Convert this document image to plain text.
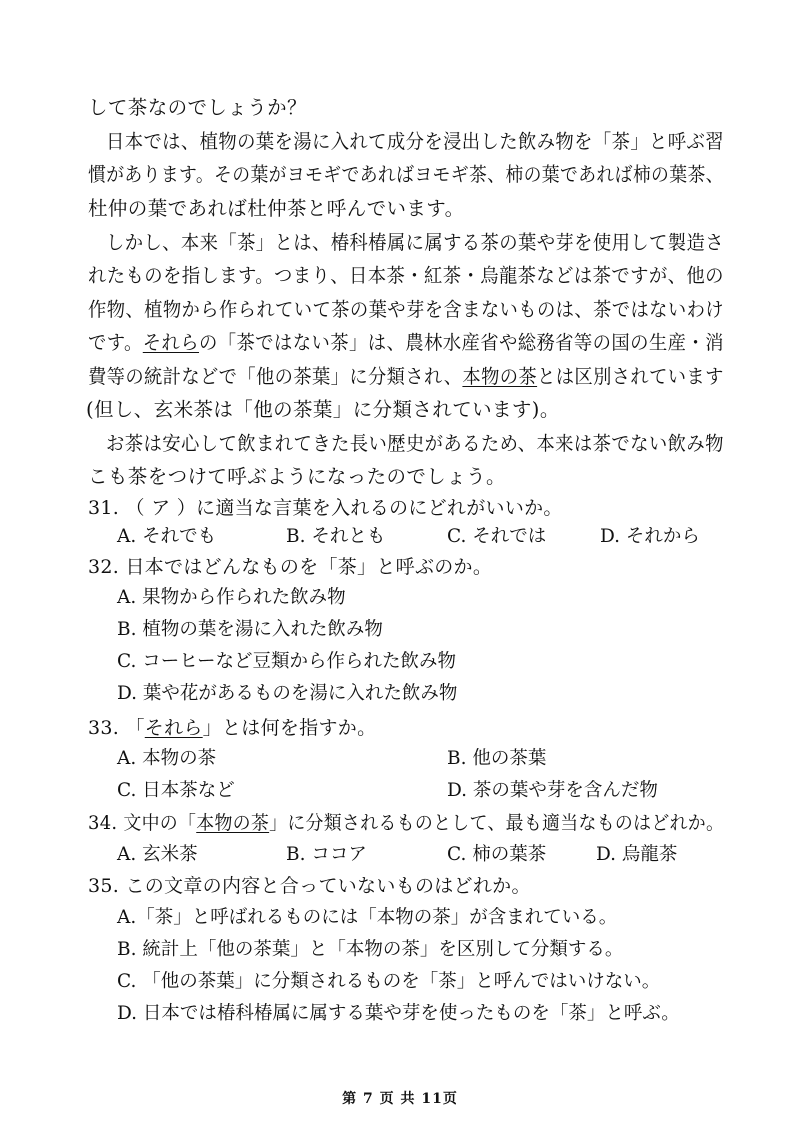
して茶なのでしょうか？
日本では、植物の葉を湯に入れて成分を浸出した飲み物を「茶」と呼ぶ習
慣があります。その葉がヨモギであればヨモギ茶、柿の葉であれば柿の葉茶、
杜仲の葉であれば杜仲茶と呼んでいます。
しかし、本来「茶」とは、椿科椿属に属する茶の葉や芽を使用して製造さ
れたものを指します。つまり、日本茶・紅茶・烏龍茶などは茶ですが、他の
作物、植物から作られていて茶の葉や芽を含まないものは、茶ではないわけ
です。それらの「茶ではない茶」は、農林水産省や総務省等の国の生産・消
費等の統計などで「他の茶葉」に分類され、本物の茶とは区別されています
(但し、玄米茶は「他の茶葉」に分類されています)。
お茶は安心して飲まれてきた長い歴史があるため、本来は茶でない飲み物
こも茶をつけて呼ぶようになったのでしょう。
31. （ ア ）に適当な言葉を入れるのにどれがいいか。
A. それでも	B. それとも	C. それでは	D. それから
32. 日本ではどんなものを「茶」と呼ぶのか。
A. 果物から作られた飲み物
B. 植物の葉を湯に入れた飲み物
C. コーヒーなど豆類から作られた飲み物
D. 葉や花があるものを湯に入れた飲み物
33. 「それら」とは何を指すか。
A. 本物の茶	B. 他の茶葉
C. 日本茶など	D. 茶の葉や芽を含んだ物
34. 文中の「本物の茶」に分類されるものとして、最も適当なものはどれか。
A. 玄米茶	B. ココア	C. 柿の葉茶	D. 烏龍茶
35. この文章の内容と合っていないものはどれか。
A.「茶」と呼ばれるものには「本物の茶」が含まれている。
B. 統計上「他の茶葉」と「本物の茶」を区別して分類する。
C. 「他の茶葉」に分類されるものを「茶」と呼んではいけない。
D. 日本では椿科椿属に属する葉や芽を使ったものを「茶」と呼ぶ。
第 7 页 共 11页
